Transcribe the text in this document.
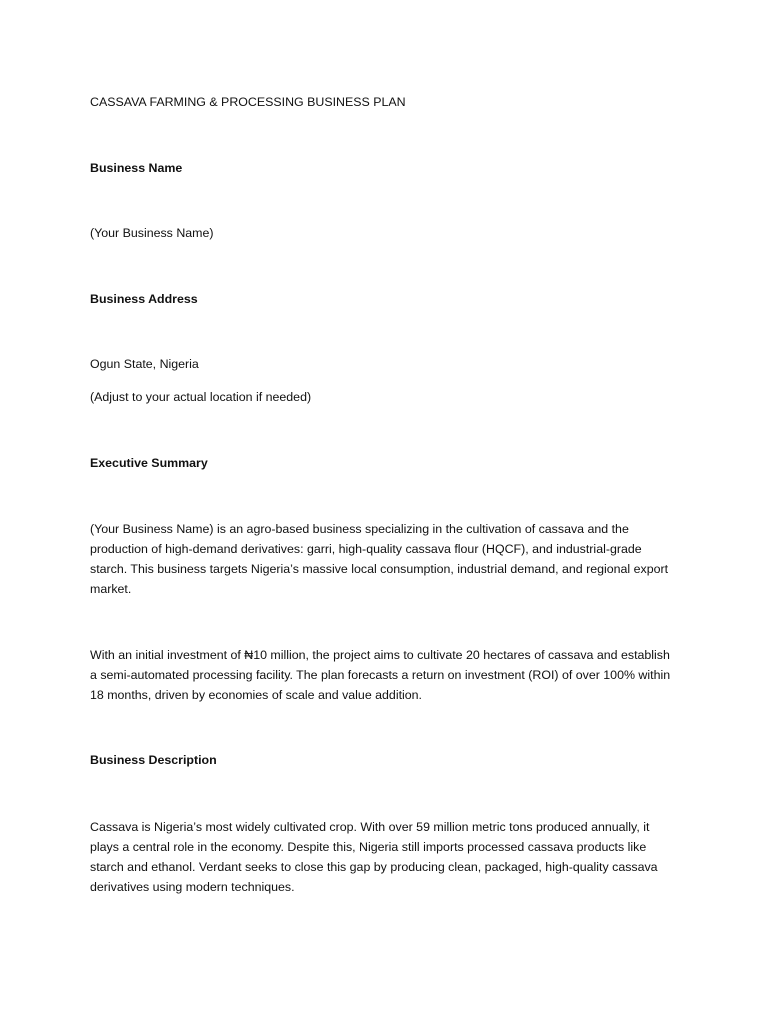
CASSAVA FARMING & PROCESSING BUSINESS PLAN

Business Name

(Your Business Name)

Business Address

Ogun State, Nigeria

(Adjust to your actual location if needed)

Executive Summary

(Your Business Name) is an agro-based business specializing in the cultivation of cassava and the production of high-demand derivatives: garri, high-quality cassava flour (HQCF), and industrial-grade starch. This business targets Nigeria’s massive local consumption, industrial demand, and regional export market.

With an initial investment of ₦10 million, the project aims to cultivate 20 hectares of cassava and establish a semi-automated processing facility. The plan forecasts a return on investment (ROI) of over 100% within 18 months, driven by economies of scale and value addition.

Business Description

Cassava is Nigeria’s most widely cultivated crop. With over 59 million metric tons produced annually, it plays a central role in the economy. Despite this, Nigeria still imports processed cassava products like starch and ethanol. Verdant seeks to close this gap by producing clean, packaged, high-quality cassava derivatives using modern techniques.
